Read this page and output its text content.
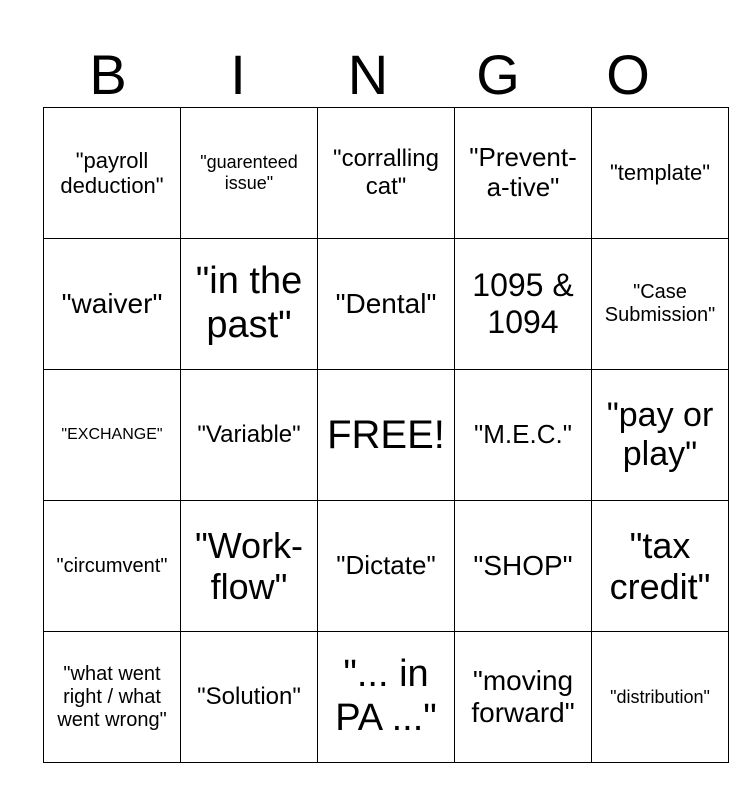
B	I	N	G	O
"payroll deduction"	"guarenteed issue"	"corralling cat"	"Prevent-a-tive"	"template"
"waiver"	"in the past"	"Dental"	1095 & 1094	"Case Submission"
"EXCHANGE"	"Variable"	FREE!	"M.E.C."	"pay or play"
"circumvent"	"Work-flow"	"Dictate"	"SHOP"	"tax credit"
"what went right / what went wrong"	"Solution"	"... in PA ..."	"moving forward"	"distribution"
